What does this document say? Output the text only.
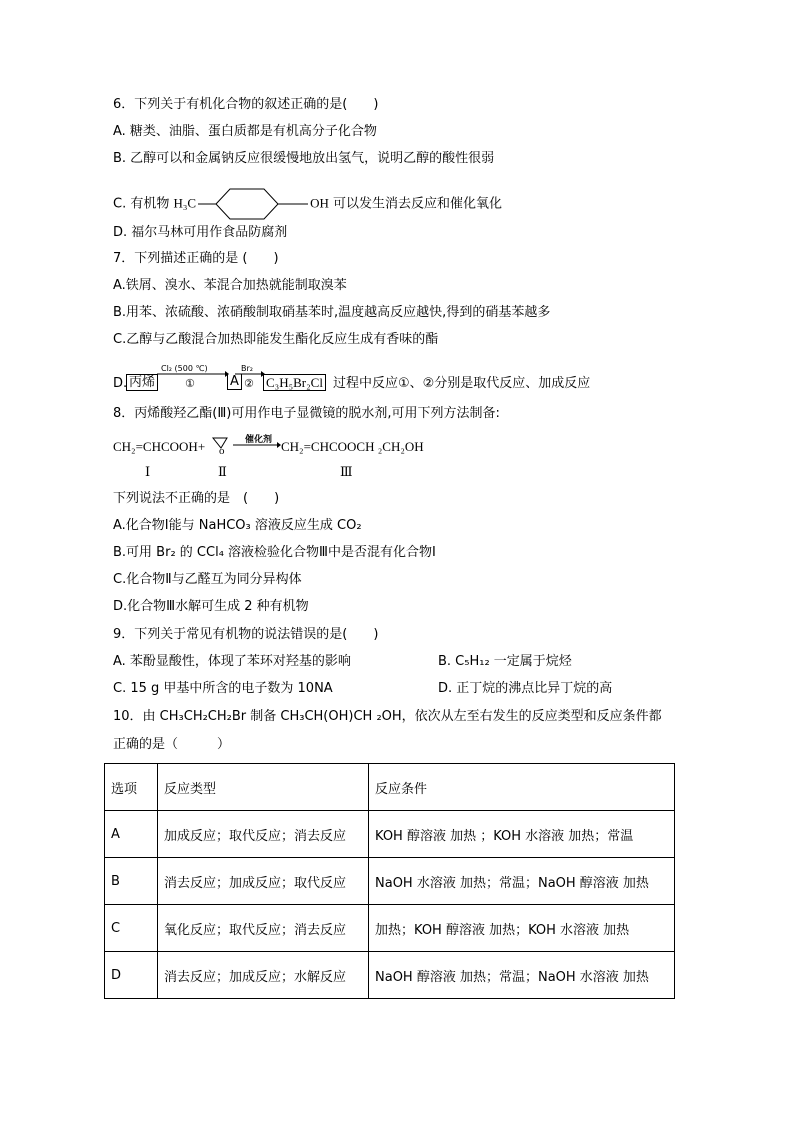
6．下列关于有机化合物的叙述正确的是(　　)
A. 糖类、油脂、蛋白质都是有机高分子化合物
B. 乙醇可以和金属钠反应很缓慢地放出氢气，说明乙醇的酸性很弱
C. 有机物 H₃C	OH 可以发生消去反应和催化氧化
D. 福尔马林可用作食品防腐剂
7．下列描述正确的是 (　　)
A.铁屑、溴水、苯混合加热就能制取溴苯
B.用苯、浓硫酸、浓硝酸制取硝基苯时,温度越高反应越快,得到的硝基苯越多
C.乙醇与乙酸混合加热即能发生酯化反应生成有香味的酯
D. 丙烯
Cl₂ (500 ℃)
①	A
Br₂
② C₃H₅Br₂Cl 过程中反应①、②分别是取代反应、加成反应
8．丙烯酸羟乙酯(Ⅲ)可用作电子显微镜的脱水剂,可用下列方法制备:
CH₂=CHCOOH+ o
催化剂 → CH₂=CHCOOCH ₂CH₂OH
Ⅰ	Ⅱ	Ⅲ
下列说法不正确的是　(　　)
A.化合物Ⅰ能与 NaHCO₃ 溶液反应生成 CO₂
B.可用 Br₂ 的 CCl₄ 溶液检验化合物Ⅲ中是否混有化合物Ⅰ
C.化合物Ⅱ与乙醛互为同分异构体
D.化合物Ⅲ水解可生成 2 种有机物
9．下列关于常见有机物的说法错误的是(　　)
A. 苯酚显酸性，体现了苯环对羟基的影响	B. C₅H₁₂ 一定属于烷烃
C. 15 g 甲基中所含的电子数为 10NA	D. 正丁烷的沸点比异丁烷的高
10．由 CH₃CH₂CH₂Br 制备 CH₃CH(OH)CH ₂OH，依次从左至右发生的反应类型和反应条件都
正确的是（　　　）
选项	反应类型	反应条件
A	加成反应；取代反应；消去反应	KOH 醇溶液 加热 ；KOH 水溶液 加热；常温
B	消去反应；加成反应；取代反应	NaOH 水溶液 加热；常温；NaOH 醇溶液 加热
C	氧化反应；取代反应；消去反应	加热；KOH 醇溶液 加热；KOH 水溶液 加热
D	消去反应；加成反应；水解反应	NaOH 醇溶液 加热；常温；NaOH 水溶液 加热
